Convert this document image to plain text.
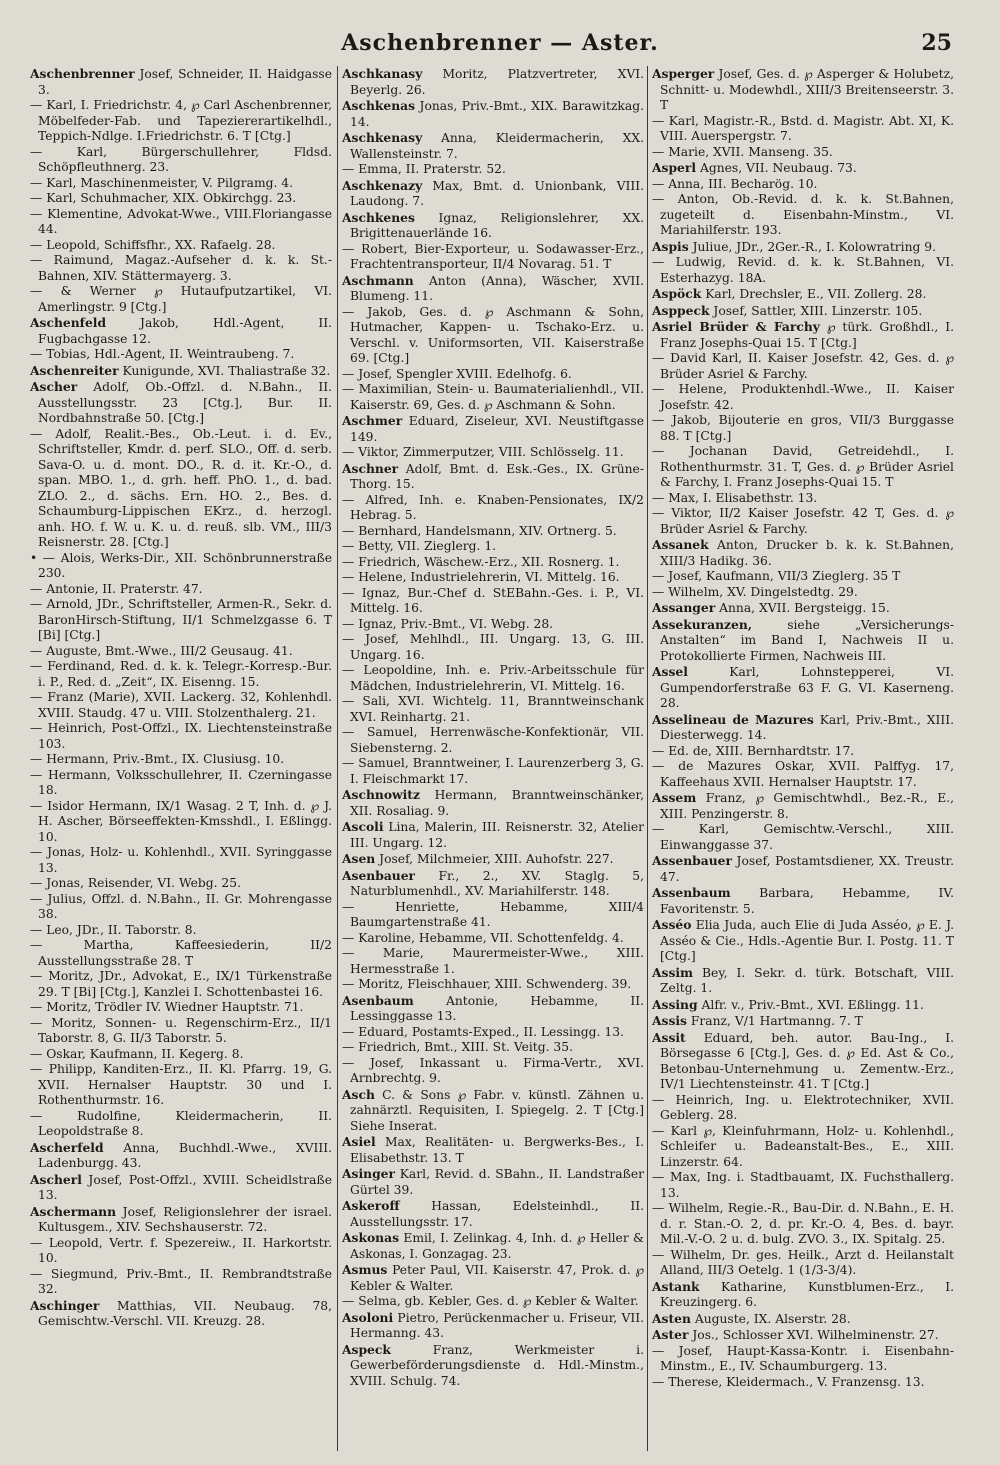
Aschenbrenner — Aster.	25

Aschenbrenner Josef, Schneider, II. Haidgasse 3.

— Karl, I. Friedrichstr. 4, ℘ Carl Aschenbrenner, Möbelfeder-Fab. und Tapeziererartikelhdl., Teppich-Ndlge. I.Friedrichstr. 6. T [Ctg.]

— Karl, Bürgerschullehrer, Fldsd. Schöpfleuthnerg. 23.

— Karl, Maschinenmeister, V. Pilgramg. 4.

— Karl, Schuhmacher, XIX. Obkirchgg. 23.

— Klementine, Advokat-Wwe., VIII.Floriangasse 44.

— Leopold, Schiffsfhr., XX. Rafaelg. 28.

— Raimund, Magaz.-Aufseher d. k. k. St.-Bahnen, XIV. Stättermayerg. 3.

— & Werner ℘ Hutaufputzartikel, VI. Amerlingstr. 9 [Ctg.]

Aschenfeld Jakob, Hdl.-Agent, II. Fugbachgasse 12.

— Tobias, Hdl.-Agent, II. Weintraubeng. 7.

Aschenreiter Kunigunde, XVI. Thaliastraße 32.

Ascher Adolf, Ob.-Offzl. d. N.Bahn., II. Ausstellungsstr. 23 [Ctg.], Bur. II. Nordbahnstraße 50. [Ctg.]

— Adolf, Realit.-Bes., Ob.-Leut. i. d. Ev., Schriftsteller, Kmdr. d. perf. SLO., Off. d. serb. Sava-O. u. d. mont. DO., R. d. it. Kr.-O., d. span. MBO. 1., d. grh. heff. PhO. 1., d. bad. ZLO. 2., d. sächs. Ern. HO. 2., Bes. d. Schaumburg-Lippischen EKrz., d. herzogl. anh. HO. f. W. u. K. u. d. reuß. slb. VM., III/3 Reisnerstr. 28. [Ctg.]

• — Alois, Werks-Dir., XII. Schönbrunnerstraße 230.

— Antonie, II. Praterstr. 47.

— Arnold, JDr., Schriftsteller, Armen-R., Sekr. d. BaronHirsch-Stiftung, II/1 Schmelzgasse 6. T [Bi] [Ctg.]

— Auguste, Bmt.-Wwe., III/2 Geusaug. 41.

— Ferdinand, Red. d. k. k. Telegr.-Korresp.-Bur. i. P., Red. d. „Zeit“, IX. Eisenng. 15.

— Franz (Marie), XVII. Lackerg. 32, Kohlenhdl. XVIII. Staudg. 47 u. VIII. Stolzenthalerg. 21.

— Heinrich, Post-Offzl., IX. Liechtensteinstraße 103.

— Hermann, Priv.-Bmt., IX. Clusiusg. 10.

— Hermann, Volksschullehrer, II. Czerningasse 18.

— Isidor Hermann, IX/1 Wasag. 2 T, Inh. d. ℘ J. H. Ascher, Börseeffekten-Kmsshdl., I. Eßlingg. 10.

— Jonas, Holz- u. Kohlenhdl., XVII. Syringgasse 13.

— Jonas, Reisender, VI. Webg. 25.

— Julius, Offzl. d. N.Bahn., II. Gr. Mohrengasse 38.

— Leo, JDr., II. Taborstr. 8.

— Martha, Kaffeesiederin, II/2 Ausstellungsstraße 28. T

— Moritz, JDr., Advokat, E., IX/1 Türkenstraße 29. T [Bi] [Ctg.], Kanzlei I. Schottenbastei 16.

— Moritz, Trödler IV. Wiedner Hauptstr. 71.

— Moritz, Sonnen- u. Regenschirm-Erz., II/1 Taborstr. 8, G. II/3 Taborstr. 5.

— Oskar, Kaufmann, II. Kegerg. 8.

— Philipp, Kanditen-Erz., II. Kl. Pfarrg. 19, G. XVII. Hernalser Hauptstr. 30 und I. Rothenthurmstr. 16.

— Rudolfine, Kleidermacherin, II. Leopoldstraße 8.

Ascherfeld Anna, Buchhdl.-Wwe., XVIII. Ladenburgg. 43.

Ascherl Josef, Post-Offzl., XVIII. Scheidlstraße 13.

Aschermann Josef, Religionslehrer der israel. Kultusgem., XIV. Sechshauserstr. 72.

— Leopold, Vertr. f. Spezereiw., II. Harkortstr. 10.

— Siegmund, Priv.-Bmt., II. Rembrandtstraße 32.

Aschinger Matthias, VII. Neubaug. 78, Gemischtw.-Verschl. VII. Kreuzg. 28.

Aschkanasy Moritz, Platzvertreter, XVI. Beyerlg. 26.

Aschkenas Jonas, Priv.-Bmt., XIX. Barawitzkag. 14.

Aschkenasy Anna, Kleidermacherin, XX. Wallensteinstr. 7.

— Emma, II. Praterstr. 52.

Aschkenazy Max, Bmt. d. Unionbank, VIII. Laudong. 7.

Aschkenes Ignaz, Religionslehrer, XX. Brigittenauerlände 16.

— Robert, Bier-Exporteur, u. Sodawasser-Erz., Frachtentransporteur, II/4 Novarag. 51. T

Aschmann Anton (Anna), Wäscher, XVII. Blumeng. 11.

— Jakob, Ges. d. ℘ Aschmann & Sohn, Hutmacher, Kappen- u. Tschako-Erz. u. Verschl. v. Uniformsorten, VII. Kaiserstraße 69. [Ctg.]

— Josef, Spengler XVIII. Edelhofg. 6.

— Maximilian, Stein- u. Baumaterialienhdl., VII. Kaiserstr. 69, Ges. d. ℘ Aschmann & Sohn.

Aschmer Eduard, Ziseleur, XVI. Neustiftgasse 149.

— Viktor, Zimmerputzer, VIII. Schlösselg. 11.

Aschner Adolf, Bmt. d. Esk.-Ges., IX. Grüne-Thorg. 15.

— Alfred, Inh. e. Knaben-Pensionates, IX/2 Hebrag. 5.

— Bernhard, Handelsmann, XIV. Ortnerg. 5.

— Betty, VII. Zieglerg. 1.

— Friedrich, Wäschew.-Erz., XII. Rosnerg. 1.

— Helene, Industrielehrerin, VI. Mittelg. 16.

— Ignaz, Bur.-Chef d. StEBahn.-Ges. i. P., VI. Mittelg. 16.

— Ignaz, Priv.-Bmt., VI. Webg. 28.

— Josef, Mehlhdl., III. Ungarg. 13, G. III. Ungarg. 16.

— Leopoldine, Inh. e. Priv.-Arbeitsschule für Mädchen, Industrielehrerin, VI. Mittelg. 16.

— Sali, XVI. Wichtelg. 11, Branntweinschank XVI. Reinhartg. 21.

— Samuel, Herrenwäsche-Konfektionär, VII. Siebensterng. 2.

— Samuel, Branntweiner, I. Laurenzerberg 3, G. I. Fleischmarkt 17.

Aschnowitz Hermann, Branntweinschänker, XII. Rosaliag. 9.

Ascoli Lina, Malerin, III. Reisnerstr. 32, Atelier III. Ungarg. 12.

Asen Josef, Milchmeier, XIII. Auhofstr. 227.

Asenbauer Fr., 2., XV. Staglg. 5, Naturblumenhdl., XV. Mariahilferstr. 148.

— Henriette, Hebamme, XIII/4 Baumgartenstraße 41.

— Karoline, Hebamme, VII. Schottenfeldg. 4.

— Marie, Maurermeister-Wwe., XIII. Hermesstraße 1.

— Moritz, Fleischhauer, XIII. Schwenderg. 39.

Asenbaum Antonie, Hebamme, II. Lessinggasse 13.

— Eduard, Postamts-Exped., II. Lessingg. 13.

— Friedrich, Bmt., XIII. St. Veitg. 35.

— Josef, Inkassant u. Firma-Vertr., XVI. Arnbrechtg. 9.

Asch C. & Sons ℘ Fabr. v. künstl. Zähnen u. zahnärztl. Requisiten, I. Spiegelg. 2. T [Ctg.] Siehe Inserat.

Asiel Max, Realitäten- u. Bergwerks-Bes., I. Elisabethstr. 13. T

Asinger Karl, Revid. d. SBahn., II. Landstraßer Gürtel 39.

Askeroff Hassan, Edelsteinhdl., II. Ausstellungsstr. 17.

Askonas Emil, I. Zelinkag. 4, Inh. d. ℘ Heller & Askonas, I. Gonzagag. 23.

Asmus Peter Paul, VII. Kaiserstr. 47, Prok. d. ℘ Kebler & Walter.

— Selma, gb. Kebler, Ges. d. ℘ Kebler & Walter.

Asoloni Pietro, Perückenmacher u. Friseur, VII. Hermanng. 43.

Aspeck Franz, Werkmeister i. Gewerbeförderungsdienste d. Hdl.-Minstm., XVIII. Schulg. 74.

Asperger Josef, Ges. d. ℘ Asperger & Holubetz, Schnitt- u. Modewhdl., XIII/3 Breitenseerstr. 3. T

— Karl, Magistr.-R., Bstd. d. Magistr. Abt. XI, K. VIII. Auerspergstr. 7.

— Marie, XVII. Manseng. 35.

Asperl Agnes, VII. Neubaug. 73.

— Anna, III. Becharög. 10.

— Anton, Ob.-Revid. d. k. k. St.Bahnen, zugeteilt d. Eisenbahn-Minstm., VI. Mariahilferstr. 193.

Aspis Juliue, JDr., 2Ger.-R., I. Kolowratring 9.

— Ludwig, Revid. d. k. k. St.Bahnen, VI. Esterhazyg. 18A.

Aspöck Karl, Drechsler, E., VII. Zollerg. 28.

Asppeck Josef, Sattler, XIII. Linzerstr. 105.

Asriel Brüder & Farchy ℘ türk. Großhdl., I. Franz Josephs-Quai 15. T [Ctg.]

— David Karl, II. Kaiser Josefstr. 42, Ges. d. ℘ Brüder Asriel & Farchy.

— Helene, Produktenhdl.-Wwe., II. Kaiser Josefstr. 42.

— Jakob, Bijouterie en gros, VII/3 Burggasse 88. T [Ctg.]

— Jochanan David, Getreidehdl., I. Rothenthurmstr. 31. T, Ges. d. ℘ Brüder Asriel & Farchy, I. Franz Josephs-Quai 15. T

— Max, I. Elisabethstr. 13.

— Viktor, II/2 Kaiser Josefstr. 42 T, Ges. d. ℘ Brüder Asriel & Farchy.

Assanek Anton, Drucker b. k. k. St.Bahnen, XIII/3 Hadikg. 36.

— Josef, Kaufmann, VII/3 Zieglerg. 35 T

— Wilhelm, XV. Dingelstedtg. 29.

Assanger Anna, XVII. Bergsteigg. 15.

Assekuranzen, siehe „Versicherungs-Anstalten“ im Band I, Nachweis II u. Protokollierte Firmen, Nachweis III.

Assel Karl, Lohnstepperei, VI. Gumpendorferstraße 63 F. G. VI. Kaserneng. 28.

Asselineau de Mazures Karl, Priv.-Bmt., XIII. Diesterwegg. 14.

— Ed. de, XIII. Bernhardtstr. 17.

— de Mazures Oskar, XVII. Palffyg. 17, Kaffeehaus XVII. Hernalser Hauptstr. 17.

Assem Franz, ℘ Gemischtwhdl., Bez.-R., E., XIII. Penzingerstr. 8.

— Karl, Gemischtw.-Verschl., XIII. Einwanggasse 37.

Assenbauer Josef, Postamtsdiener, XX. Treustr. 47.

Assenbaum Barbara, Hebamme, IV. Favoritenstr. 5.

Asséo Elia Juda, auch Elie di Juda Asséo, ℘ E. J. Asséo & Cie., Hdls.-Agentie Bur. I. Postg. 11. T [Ctg.]

Assim Bey, I. Sekr. d. türk. Botschaft, VIII. Zeltg. 1.

Assing Alfr. v., Priv.-Bmt., XVI. Eßlingg. 11.

Assis Franz, V/1 Hartmanng. 7. T

Assit Eduard, beh. autor. Bau-Ing., I. Börsegasse 6 [Ctg.], Ges. d. ℘ Ed. Ast & Co., Betonbau-Unternehmung u. Zementw.-Erz., IV/1 Liechtensteinstr. 41. T [Ctg.]

— Heinrich, Ing. u. Elektrotechniker, XVII. Geblerg. 28.

— Karl ℘, Kleinfuhrmann, Holz- u. Kohlenhdl., Schleifer u. Badeanstalt-Bes., E., XIII. Linzerstr. 64.

— Max, Ing. i. Stadtbauamt, IX. Fuchsthallerg. 13.

— Wilhelm, Regie.-R., Bau-Dir. d. N.Bahn., E. H. d. r. Stan.-O. 2, d. pr. Kr.-O. 4, Bes. d. bayr. Mil.-V.-O. 2 u. d. bulg. ZVO. 3., IX. Spitalg. 25.

— Wilhelm, Dr. ges. Heilk., Arzt d. Heilanstalt Alland, III/3 Oetelg. 1 (1/3-3/4).

Astank Katharine, Kunstblumen-Erz., I. Kreuzingerg. 6.

Asten Auguste, IX. Alserstr. 28.

Aster Jos., Schlosser XVI. Wilhelminenstr. 27.

— Josef, Haupt-Kassa-Kontr. i. Eisenbahn-Minstm., E., IV. Schaumburgerg. 13.

— Therese, Kleidermach., V. Franzensg. 13.
